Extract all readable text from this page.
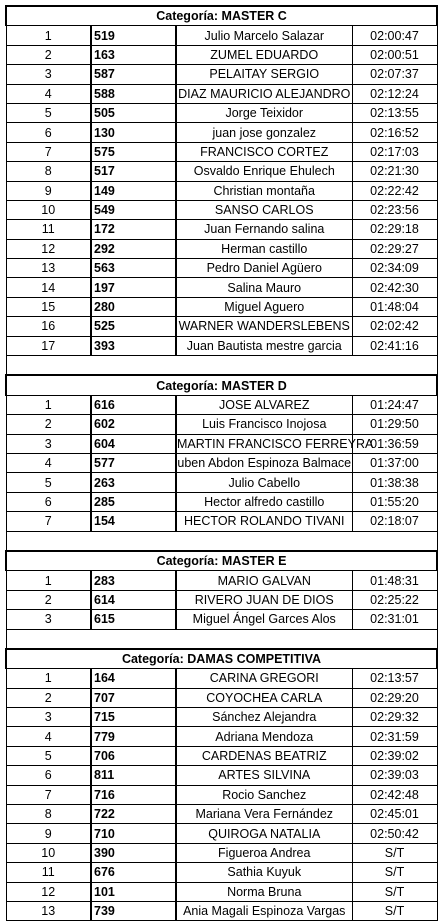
Categoría: MASTER C			
1	519	Julio Marcelo Salazar	02:00:47
2	163	ZUMEL EDUARDO	02:00:51
3	587	PELAITAY SERGIO	02:07:37
4	588	DIAZ MAURICIO ALEJANDRO	02:12:24
5	505	Jorge Teixidor	02:13:55
6	130	juan jose gonzalez	02:16:52
7	575	FRANCISCO CORTEZ	02:17:03
8	517	Osvaldo Enrique Ehulech	02:21:30
9	149	Christian montaña	02:22:42
10	549	SANSO CARLOS	02:23:56
11	172	Juan Fernando salina	02:29:18
12	292	Herman castillo	02:29:27
13	563	Pedro Daniel Agüero	02:34:09
14	197	Salina Mauro	02:42:30
15	280	Miguel Aguero	01:48:04
16	525	WARNER WANDERSLEBENS	02:02:42
17	393	Juan Bautista mestre garcia	02:41:16

Categoría: MASTER D			
1	616	JOSE ALVAREZ	01:24:47
2	602	Luis Francisco Inojosa	01:29:50
3	604	MARTIN FRANCISCO FERREYRA	01:36:59
4	577	uben Abdon Espinoza Balmace	01:37:00
5	263	Julio Cabello	01:38:38
6	285	Hector alfredo castillo	01:55:20
7	154	HECTOR ROLANDO TIVANI	02:18:07

Categoría: MASTER E			
1	283	MARIO GALVAN	01:48:31
2	614	RIVERO JUAN DE DIOS	02:25:22
3	615	Miguel Ángel Garces Alos	02:31:01

Categoría: DAMAS COMPETITIVA			
1	164	CARINA GREGORI	02:13:57
2	707	COYOCHEA CARLA	02:29:20
3	715	Sánchez Alejandra	02:29:32
4	779	Adriana Mendoza	02:31:59
5	706	CARDENAS BEATRIZ	02:39:02
6	811	ARTES SILVINA	02:39:03
7	716	Rocio Sanchez	02:42:48
8	722	Mariana Vera Fernández	02:45:01
9	710	QUIROGA NATALIA	02:50:42
10	390	Figueroa Andrea	S/T
11	676	Sathia Kuyuk	S/T
12	101	Norma Bruna	S/T
13	739	Ania Magali Espinoza Vargas	S/T
